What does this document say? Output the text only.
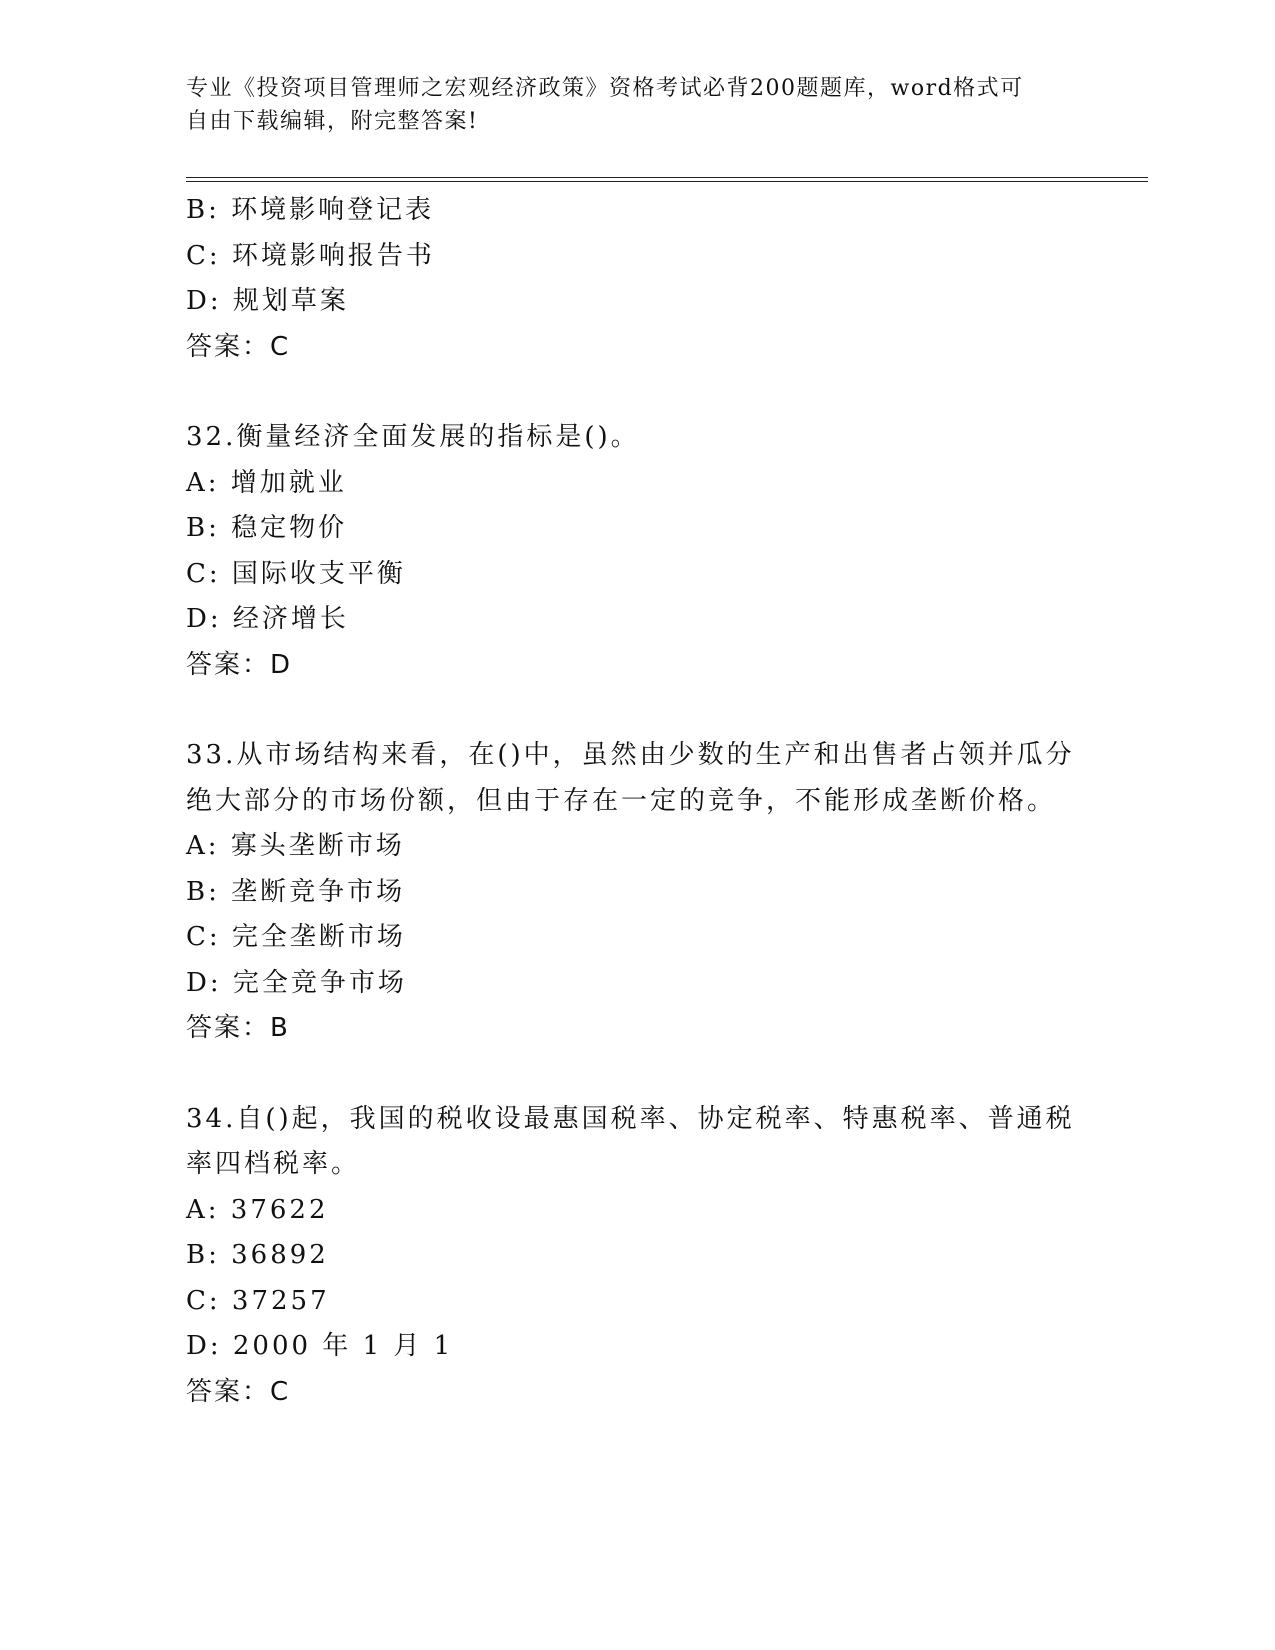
专业《投资项目管理师之宏观经济政策》资格考试必背200题题库，word格式可
自由下载编辑，附完整答案!
B: 环境影响登记表
C: 环境影响报告书
D: 规划草案
答案：C
32.衡量经济全面发展的指标是()。
A: 增加就业
B: 稳定物价
C: 国际收支平衡
D: 经济增长
答案：D
33.从市场结构来看，在()中，虽然由少数的生产和出售者占领并瓜分
绝大部分的市场份额，但由于存在一定的竞争，不能形成垄断价格。
A: 寡头垄断市场
B: 垄断竞争市场
C: 完全垄断市场
D: 完全竞争市场
答案：B
34.自()起，我国的税收设最惠国税率、协定税率、特惠税率、普通税
率四档税率。
A: 37622
B: 36892
C: 37257
D: 2000 年 1 月 1
答案：C
